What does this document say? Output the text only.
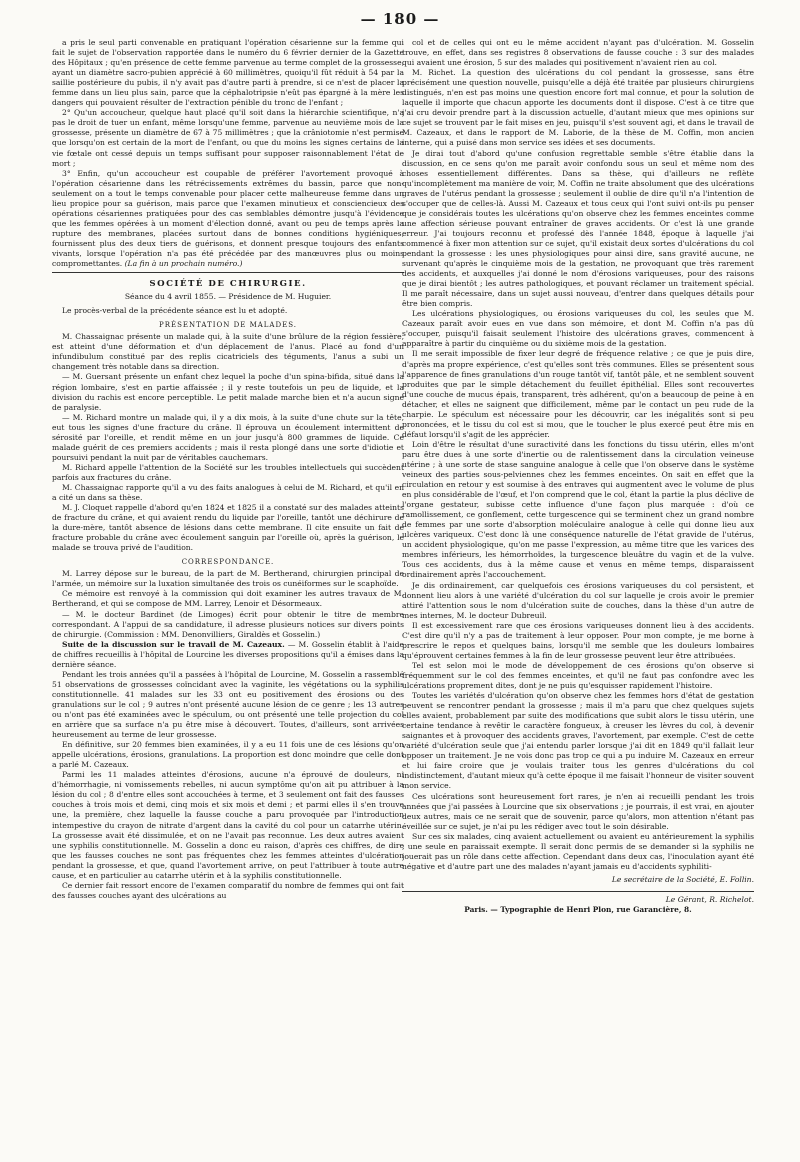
— 180 —

a pris le seul parti convenable en pratiquant l'opération césarienne sur la femme qui fait le sujet de l'observation rapportée dans le numéro du 6 février dernier de la Gazette des Hôpitaux ; qu'en présence de cette femme parvenue au terme complet de la grossesse, ayant un diamètre sacro-pubien apprécié à 60 millimètres, quoiqu'il fût réduit à 54 par la saillie postérieure du pubis, il n'y avait pas d'autre parti à prendre, si ce n'est de placer la femme dans un lieu plus sain, parce que la céphalotripsie n'eût pas épargné à la mère les dangers qui pouvaient résulter de l'extraction pénible du tronc de l'enfant ;

2° Qu'un accoucheur, quelque haut placé qu'il soit dans la hiérarchie scientifique, n'a pas le droit de tuer un enfant, même lorsqu'une femme, parvenue au neuvième mois de la grossesse, présente un diamètre de 67 à 75 millimètres ; que la crâniotomie n'est permise que lorsqu'on est certain de la mort de l'enfant, ou que du moins les signes certains de la vie fœtale ont cessé depuis un temps suffisant pour supposer raisonnablement l'état de mort ;

3° Enfin, qu'un accoucheur est coupable de préférer l'avortement provoqué à l'opération césarienne dans les rétrécissements extrêmes du bassin, parce que non-seulement on a tout le temps convenable pour placer cette malheureuse femme dans un lieu propice pour sa guérison, mais parce que l'examen minutieux et consciencieux des opérations césariennes pratiquées pour des cas semblables démontre jusqu'à l'évidence que les femmes opérées à un moment d'élection donné, avant ou peu de temps après la rupture des membranes, placées surtout dans de bonnes conditions hygiéniques, fournissent plus des deux tiers de guérisons, et donnent presque toujours des enfants vivants, lorsque l'opération n'a pas été précédée par des manœuvres plus ou moins compromettantes. (La fin à un prochain numéro.)

SOCIÉTÉ DE CHIRURGIE.
Séance du 4 avril 1855. — Présidence de M. Huguier.

Le procès-verbal de la précédente séance est lu et adopté.

PRÉSENTATION DE MALADES.

M. Chassaignac présente un malade qui, à la suite d'une brûlure de la région fessière, est atteint d'une déformation et d'un déplacement de l'anus. Placé au fond d'un infundibulum constitué par des replis cicatriciels des téguments, l'anus a subi un changement très notable dans sa direction.

— M. Guersant présente un enfant chez lequel la poche d'un spina-bifida, situé dans la région lombaire, s'est en partie affaissée ; il y reste toutefois un peu de liquide, et la division du rachis est encore perceptible. Le petit malade marche bien et n'a aucun signe de paralysie.

— M. Richard montre un malade qui, il y a dix mois, à la suite d'une chute sur la tête, eut tous les signes d'une fracture du crâne. Il éprouva un écoulement intermittent de sérosité par l'oreille, et rendit même en un jour jusqu'à 800 grammes de liquide. Ce malade guérit de ces premiers accidents ; mais il resta plongé dans une sorte d'idiotie et poursuivi pendant la nuit par de véritables cauchemars.

M. Richard appelle l'attention de la Société sur les troubles intellectuels qui succèdent parfois aux fractures du crâne.

M. Chassaignac rapporte qu'il a vu des faits analogues à celui de M. Richard, et qu'il en a cité un dans sa thèse.

M. J. Cloquet rappelle d'abord qu'en 1824 et 1825 il a constaté sur des malades atteints de fracture du crâne, et qui avaient rendu du liquide par l'oreille, tantôt une déchirure de la dure-mère, tantôt absence de lésions dans cette membrane. Il cite ensuite un fait de fracture probable du crâne avec écoulement sanguin par l'oreille où, après la guérison, le malade se trouva privé de l'audition.

CORRESPONDANCE.

M. Larrey dépose sur le bureau, de la part de M. Bertherand, chirurgien principal de l'armée, un mémoire sur la luxation simultanée des trois os cunéiformes sur le scaphoïde.

Ce mémoire est renvoyé à la commission qui doit examiner les autres travaux de M. Bertherand, et qui se compose de MM. Larrey, Lenoir et Désormeaux.

— M. le docteur Bardinet (de Limoges) écrit pour obtenir le titre de membre correspondant. A l'appui de sa candidature, il adresse plusieurs notices sur divers points de chirurgie. (Commission : MM. Denonvilliers, Giraldès et Gosselin.)

Suite de la discussion sur le travail de M. Cazeaux. — M. Gosselin établit à l'aide de chiffres recueillis à l'hôpital de Lourcine les diverses propositions qu'il a émises dans la dernière séance.

Pendant les trois années qu'il a passées à l'hôpital de Lourcine, M. Gosselin a rassemblé 51 observations de grossesses coïncidant avec la vaginite, les végétations ou la syphilis constitutionnelle. 41 malades sur les 33 ont eu positivement des érosions ou des granulations sur le col ; 9 autres n'ont présenté aucune lésion de ce genre ; les 13 autres ou n'ont pas été examinées avec le spéculum, ou ont présenté une telle projection du col en arrière que sa surface n'a pu être mise à découvert. Toutes, d'ailleurs, sont arrivées heureusement au terme de leur grossesse.

En définitive, sur 20 femmes bien examinées, il y a eu 11 fois une de ces lésions qu'on appelle ulcérations, érosions, granulations. La proportion est donc moindre que celle dont a parlé M. Cazeaux.

Parmi les 11 malades atteintes d'érosions, aucune n'a éprouvé de douleurs, ni d'hémorrhagie, ni vomissements rebelles, ni aucun symptôme qu'on ait pu attribuer à la lésion du col ; 8 d'entre elles sont accouchées à terme, et 3 seulement ont fait des fausses couches à trois mois et demi, cinq mois et six mois et demi ; et parmi elles il s'en trouve une, la première, chez laquelle la fausse couche a paru provoquée par l'introduction intempestive du crayon de nitrate d'argent dans la cavité du col pour un catarrhe utérin. La grossesse avait été dissimulée, et on ne l'avait pas reconnue. Les deux autres avaient une syphilis constitutionnelle. M. Gosselin a donc eu raison, d'après ces chiffres, de dire que les fausses couches ne sont pas fréquentes chez les femmes atteintes d'ulcération pendant la grossesse, et que, quand l'avortement arrive, on peut l'attribuer à toute autre cause, et en particulier au catarrhe utérin et à la syphilis constitutionnelle.

Ce dernier fait ressort encore de l'examen comparatif du nombre de femmes qui ont fait des fausses couches ayant des ulcérations au

col et de celles qui ont eu le même accident n'ayant pas d'ulcération. M. Gosselin trouve, en effet, dans ses registres 8 observations de fausse couche : 3 sur des malades qui avaient une érosion, 5 sur des malades qui positivement n'avaient rien au col.

M. Richet. La question des ulcérations du col pendant la grossesse, sans être précisément une question nouvelle, puisqu'elle a déjà été traitée par plusieurs chirurgiens distingués, n'en est pas moins une question encore fort mal connue, et pour la solution de laquelle il importe que chacun apporte les documents dont il dispose. C'est à ce titre que j'ai cru devoir prendre part à la discussion actuelle, d'autant mieux que mes opinions sur ce sujet se trouvent par le fait mises en jeu, puisqu'il s'est souvent agi, et dans le travail de M. Cazeaux, et dans le rapport de M. Laborie, de la thèse de M. Coffin, mon ancien interne, qui a puisé dans mon service ses idées et ses documents.

Je dirai tout d'abord qu'une confusion regrettable semble s'être établie dans la discussion, en ce sens qu'on me paraît avoir confondu sous un seul et même nom des choses essentiellement différentes. Dans sa thèse, qui d'ailleurs ne reflète qu'incomplètement ma manière de voir, M. Coffin ne traite absolument que des ulcérations graves de l'utérus pendant la grossesse ; seulement il oublie de dire qu'il n'a l'intention de s'occuper que de celles-là. Aussi M. Cazeaux et tous ceux qui l'ont suivi ont-ils pu penser que je considérais toutes les ulcérations qu'on observe chez les femmes enceintes comme une affection sérieuse pouvant entraîner de graves accidents. Or c'est là une grande erreur. J'ai toujours reconnu et professé dès l'année 1848, époque à laquelle j'ai commencé à fixer mon attention sur ce sujet, qu'il existait deux sortes d'ulcérations du col pendant la grossesse : les unes physiologiques pour ainsi dire, sans gravité aucune, ne survenant qu'après le cinquième mois de la gestation, ne provoquant que très rarement des accidents, et auxquelles j'ai donné le nom d'érosions variqueuses, pour des raisons que je dirai bientôt ; les autres pathologiques, et pouvant réclamer un traitement spécial. Il me paraît nécessaire, dans un sujet aussi nouveau, d'entrer dans quelques détails pour être bien compris.

Les ulcérations physiologiques, ou érosions variqueuses du col, les seules que M. Cazeaux paraît avoir eues en vue dans son mémoire, et dont M. Coffin n'a pas dû s'occuper, puisqu'il faisait seulement l'histoire des ulcérations graves, commencent à apparaître à partir du cinquième ou du sixième mois de la gestation.

Il me serait impossible de fixer leur degré de fréquence relative ; ce que je puis dire, d'après ma propre expérience, c'est qu'elles sont très communes. Elles se présentent sous l'apparence de fines granulations d'un rouge tantôt vif, tantôt pâle, et ne semblent souvent produites que par le simple détachement du feuillet épithélial. Elles sont recouvertes d'une couche de mucus épais, transparent, très adhérent, qu'on a beaucoup de peine à en détacher, et elles ne saignent que difficilement, même par le contact un peu rude de la charpie. Le spéculum est nécessaire pour les découvrir, car les inégalités sont si peu prononcées, et le tissu du col est si mou, que le toucher le plus exercé peut être mis en défaut lorsqu'il s'agit de les apprécier.

Loin d'être le résultat d'une suractivité dans les fonctions du tissu utérin, elles m'ont paru être dues à une sorte d'inertie ou de ralentissement dans la circulation veineuse utérine ; à une sorte de stase sanguine analogue à celle que l'on observe dans le système veineux des parties sous-pelviennes chez les femmes enceintes. On sait en effet que la circulation en retour y est soumise à des entraves qui augmentent avec le volume de plus en plus considérable de l'œuf, et l'on comprend que le col, étant la partie la plus déclive de l'organe gestateur, subisse cette influence d'une façon plus marquée : d'où ce ramollissement, ce gonflement, cette turgescence qui se terminent chez un grand nombre de femmes par une sorte d'absorption moléculaire analogue à celle qui donne lieu aux ulcères variqueux. C'est donc là une conséquence naturelle de l'état gravide de l'utérus, un accident physiologique, qu'on me passe l'expression, au même titre que les varices des membres inférieurs, les hémorrhoïdes, la turgescence bleuâtre du vagin et de la vulve. Tous ces accidents, dus à la même cause et venus en même temps, disparaissent ordinairement après l'accouchement.

Je dis ordinairement, car quelquefois ces érosions variqueuses du col persistent, et donnent lieu alors à une variété d'ulcération du col sur laquelle je crois avoir le premier attiré l'attention sous le nom d'ulcération suite de couches, dans la thèse d'un autre de mes internes, M. le docteur Dubreuil.

Il est excessivement rare que ces érosions variqueuses donnent lieu à des accidents. C'est dire qu'il n'y a pas de traitement à leur opposer. Pour mon compte, je me borne à prescrire le repos et quelques bains, lorsqu'il me semble que les douleurs lombaires qu'éprouvent certaines femmes à la fin de leur grossesse peuvent leur être attribuées.

Tel est selon moi le mode de développement de ces érosions qu'on observe si fréquemment sur le col des femmes enceintes, et qu'il ne faut pas confondre avec les ulcérations proprement dites, dont je ne puis qu'esquisser rapidement l'histoire.

Toutes les variétés d'ulcération qu'on observe chez les femmes hors d'état de gestation peuvent se rencontrer pendant la grossesse ; mais il m'a paru que chez quelques sujets elles avaient, probablement par suite des modifications que subit alors le tissu utérin, une certaine tendance à revêtir le caractère fongueux, à creuser les lèvres du col, à devenir saignantes et à provoquer des accidents graves, l'avortement, par exemple. C'est de cette variété d'ulcération seule que j'ai entendu parler lorsque j'ai dit en 1849 qu'il fallait leur opposer un traitement. Je ne vois donc pas trop ce qui a pu induire M. Cazeaux en erreur et lui faire croire que je voulais traiter tous les genres d'ulcérations du col indistinctement, d'autant mieux qu'à cette époque il me faisait l'honneur de visiter souvent mon service.

Ces ulcérations sont heureusement fort rares, je n'en ai recueilli pendant les trois années que j'ai passées à Lourcine que six observations ; je pourrais, il est vrai, en ajouter deux autres, mais ce ne serait que de souvenir, parce qu'alors, mon attention n'étant pas éveillée sur ce sujet, je n'ai pu les rédiger avec tout le soin désirable.

Sur ces six malades, cinq avaient actuellement ou avaient eu antérieurement la syphilis ; une seule en paraissait exempte. Il serait donc permis de se demander si la syphilis ne jouerait pas un rôle dans cette affection. Cependant dans deux cas, l'inoculation ayant été négative et d'autre part une des malades n'ayant jamais eu d'accidents syphiliti-

Le secrétaire de la Société, E. Follin.
Le Gérant, R. Richelot.
Paris. — Typographie de Henri Plon, rue Garancière, 8.
